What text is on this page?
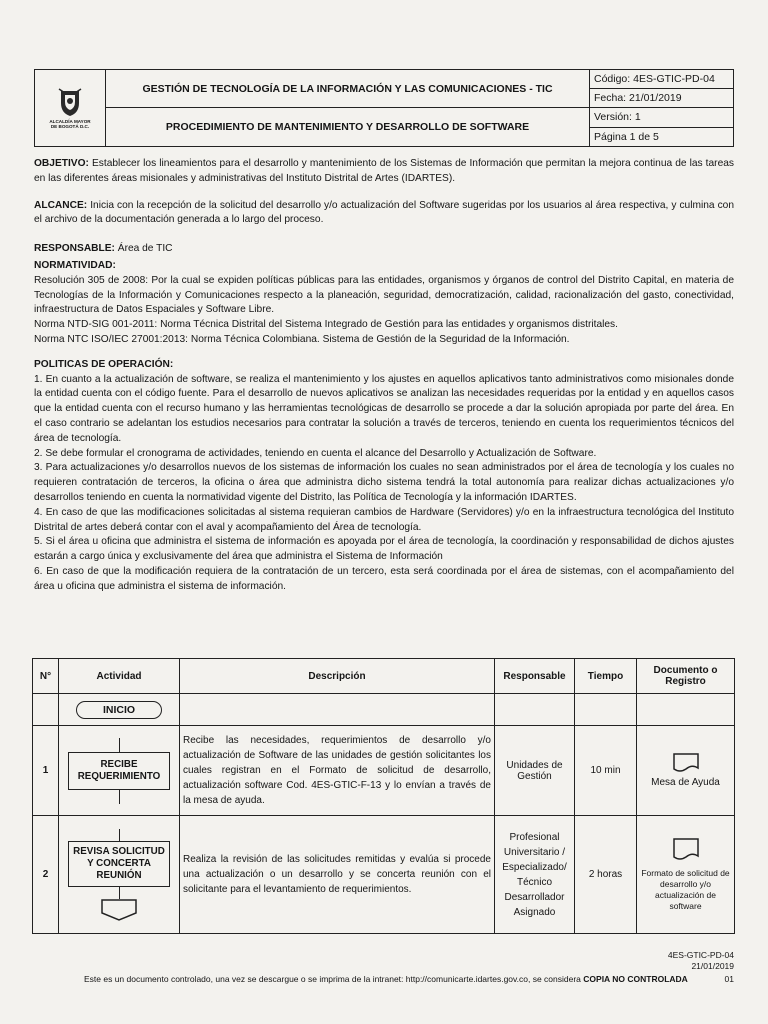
ALCALDÍA MAYOR DE BOGOTÁ D.C.
GESTIÓN DE TECNOLOGÍA DE LA INFORMACIÓN Y LAS COMUNICACIONES - TIC
Código: 4ES-GTIC-PD-04
Fecha: 21/01/2019
PROCEDIMIENTO DE MANTENIMIENTO Y DESARROLLO DE SOFTWARE
Versión: 1
Página 1 de 5

OBJETIVO: Establecer los lineamientos para el desarrollo y mantenimiento de los Sistemas de Información que permitan la mejora continua de las tareas en las diferentes áreas misionales y administrativas del Instituto Distrital de Artes (IDARTES).

ALCANCE: Inicia con la recepción de la solicitud del desarrollo y/o actualización del Software sugeridas por los usuarios al área respectiva, y culmina con el archivo de la documentación generada a lo largo del proceso.

RESPONSABLE: Área de TIC

NORMATIVIDAD:

Resolución 305 de 2008: Por la cual se expiden políticas públicas para las entidades, organismos y órganos de control del Distrito Capital, en materia de Tecnologías de la Información y Comunicaciones respecto a la planeación, seguridad, democratización, calidad, racionalización del gasto, conectividad, infraestructura de Datos Espaciales y Software Libre.

Norma NTD-SIG 001-2011: Norma Técnica Distrital del Sistema Integrado de Gestión para las entidades y organismos distritales.

Norma NTC ISO/IEC 27001:2013: Norma Técnica Colombiana. Sistema de Gestión de la Seguridad de la Información.

POLITICAS DE OPERACIÓN:

1. En cuanto a la actualización de software, se realiza el mantenimiento y los ajustes en aquellos aplicativos tanto administrativos como misionales donde la entidad cuenta con el código fuente. Para el desarrollo de nuevos aplicativos se analizan las necesidades requeridas por la entidad y en aquellos casos que la entidad cuenta con el recurso humano y las herramientas tecnológicas de desarrollo se procede a dar la solución apropiada por parte del área. En el caso contrario se adelantan los estudios necesarios para contratar la solución a través de terceros, teniendo en cuenta los requerimientos técnicos del área de tecnología.

2. Se debe formular el cronograma de actividades, teniendo en cuenta el alcance del Desarrollo y Actualización de Software.

3. Para actualizaciones y/o desarrollos nuevos de los sistemas de información los cuales no sean administrados por el área de tecnología y los cuales no requieren contratación de terceros, la oficina o área que administra dicho sistema tendrá la total autonomía para realizar dichas actualizaciones y/o desarrollos teniendo en cuenta la normatividad vigente del Distrito, las Política de Tecnología y la información IDARTES.

4. En caso de que las modificaciones solicitadas al sistema requieran cambios de Hardware (Servidores) y/o en la infraestructura tecnológica del Instituto Distrital de artes deberá contar con el aval y acompañamiento del Área de tecnología.

5. Si el área u oficina que administra el sistema de información es apoyada por el área de tecnología, la coordinación y responsabilidad de dichos ajustes estarán a cargo única y exclusivamente del área que administra el Sistema de Información

6. En caso de que la modificación requiera de la contratación de un tercero, esta será coordinada por el área de sistemas, con el acompañamiento del área u oficina que administra el sistema de información.

N°	Actividad	Descripción	Responsable	Tiempo	Documento o Registro

	INICIO				

1	RECIBE REQUERIMIENTO	Recibe las necesidades, requerimientos de desarrollo y/o actualización de Software de las unidades de gestión solicitantes los cuales registran en el Formato de solicitud de desarrollo, actualización software Cod. 4ES-GTIC-F-13 y lo envían a través de la mesa de ayuda.	Unidades de Gestión	10 min	Mesa de Ayuda
2	REVISA SOLICITUD Y CONCERTA REUNIÓN	Realiza la revisión de las solicitudes remitidas y evalúa si procede una actualización o un desarrollo y se concerta reunión con el solicitante para el levantamiento de requerimientos.	Profesional Universitario / Especializado/ Técnico Desarrollador Asignado	2 horas	Formato de solicitud de desarrollo y/o actualización de software
4ES-GTIC-PD-04
21/01/2019
Este es un documento controlado, una vez se descargue o se imprima de la intranet: http://comunicarte.idartes.gov.co, se considera COPIA NO CONTROLADA	01
